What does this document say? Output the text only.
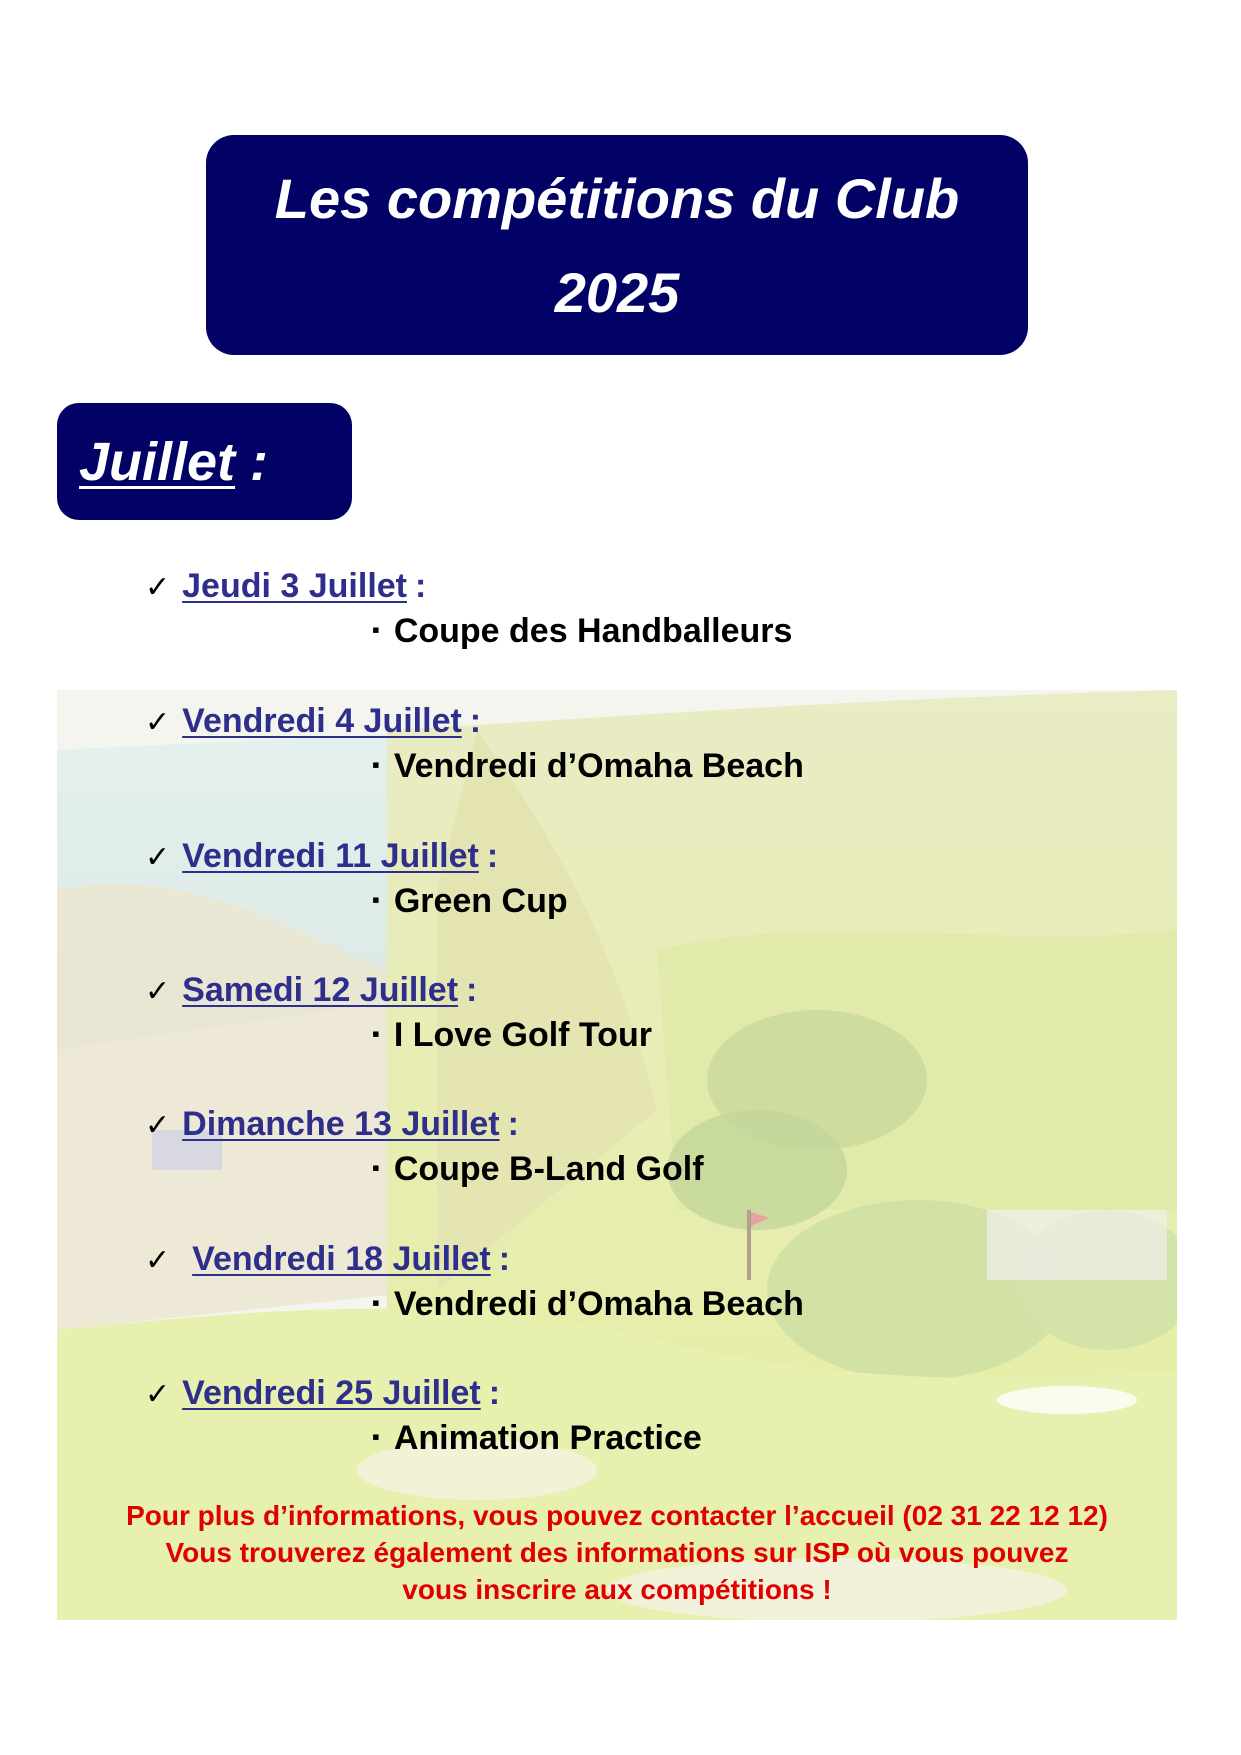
Les compétitions du Club
2025
Juillet :
✓ Jeudi 3 Juillet :
▪ Coupe des Handballeurs
✓ Vendredi 4 Juillet :
▪ Vendredi d’Omaha Beach
✓ Vendredi 11 Juillet :
▪ Green Cup
✓ Samedi 12 Juillet :
▪ I Love Golf Tour
✓ Dimanche 13 Juillet :
▪ Coupe B-Land Golf
✓ Vendredi 18 Juillet :
▪ Vendredi d’Omaha Beach
✓ Vendredi 25 Juillet :
▪ Animation Practice
Pour plus d’informations, vous pouvez contacter l’accueil (02 31 22 12 12)
Vous trouverez également des informations sur ISP où vous pouvez
vous inscrire aux compétitions !
